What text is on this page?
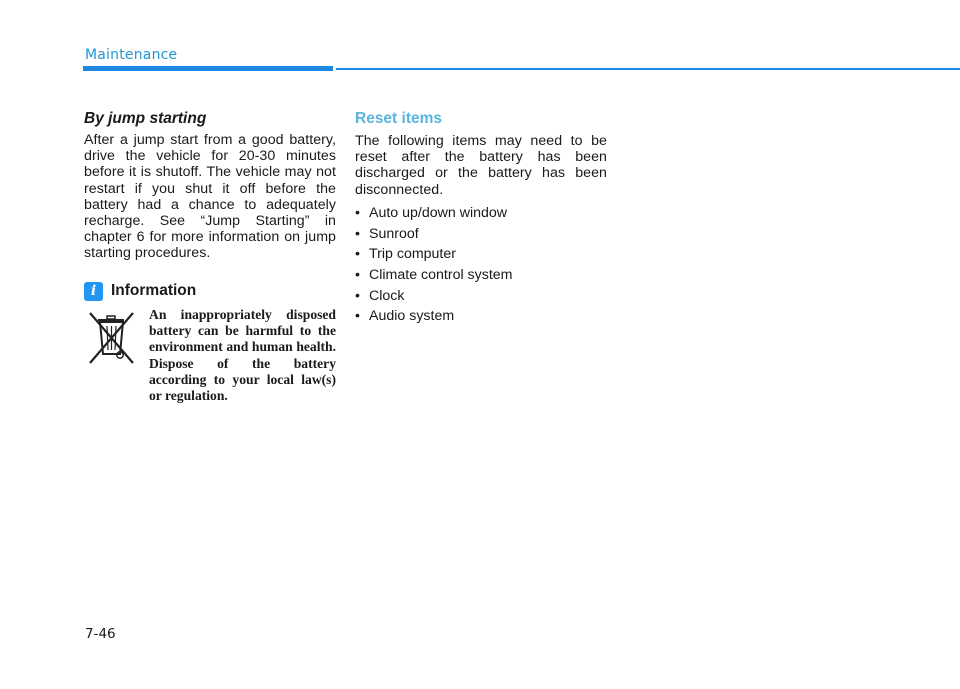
Maintenance
By jump starting

After a jump start from a good battery, drive the vehicle for 20-30 minutes before it is shutoff. The vehicle may not restart if you shut it off before the battery had a chance to adequately recharge. See “Jump Starting” in chapter 6 for more information on jump starting procedures.

i Information

An inappropriately disposed battery can be harmful to the environment and human health. Dispose of the battery according to your local law(s) or regulation.

Reset items

The following items may need to be reset after the battery has been discharged or the battery has been disconnected.

• Auto up/down window
• Sunroof
• Trip computer
• Climate control system
• Clock
• Audio system
7-46
